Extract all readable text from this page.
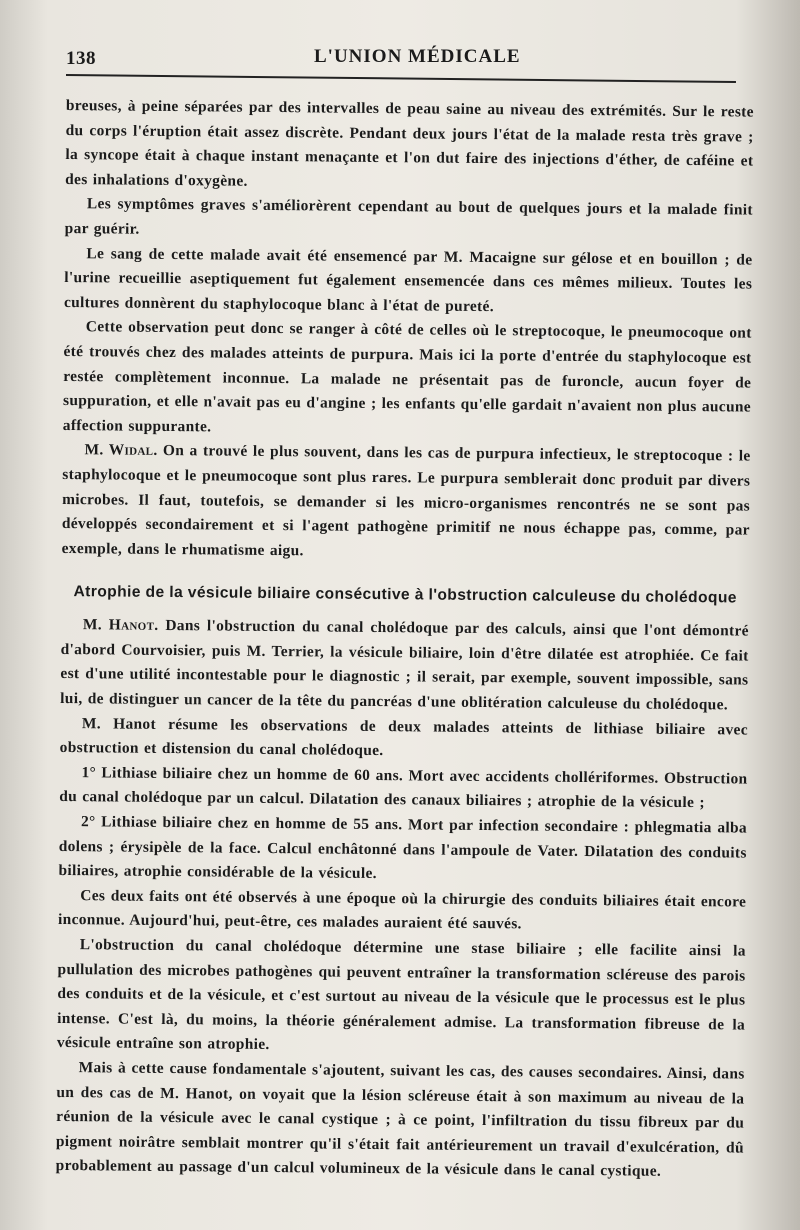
138	L'UNION MÉDICALE

breuses, à peine séparées par des intervalles de peau saine au niveau des extrémités. Sur le reste du corps l'éruption était assez discrète. Pendant deux jours l'état de la malade resta très grave ; la syncope était à chaque instant menaçante et l'on dut faire des injections d'éther, de caféine et des inhalations d'oxygène.

Les symptômes graves s'améliorèrent cependant au bout de quelques jours et la malade finit par guérir.

Le sang de cette malade avait été ensemencé par M. Macaigne sur gélose et en bouillon ; de l'urine recueillie aseptiquement fut également ensemencée dans ces mêmes milieux. Toutes les cultures donnèrent du staphylocoque blanc à l'état de pureté.

Cette observation peut donc se ranger à côté de celles où le streptocoque, le pneumocoque ont été trouvés chez des malades atteints de purpura. Mais ici la porte d'entrée du staphylocoque est restée complètement inconnue. La malade ne présentait pas de furoncle, aucun foyer de suppuration, et elle n'avait pas eu d'angine ; les enfants qu'elle gardait n'avaient non plus aucune affection suppurante.

M. Widal. On a trouvé le plus souvent, dans les cas de purpura infectieux, le streptocoque : le staphylocoque et le pneumocoque sont plus rares. Le purpura semblerait donc produit par divers microbes. Il faut, toutefois, se demander si les micro-organismes rencontrés ne se sont pas développés secondairement et si l'agent pathogène primitif ne nous échappe pas, comme, par exemple, dans le rhumatisme aigu.

Atrophie de la vésicule biliaire consécutive à l'obstruction calculeuse du cholédoque

M. Hanot. Dans l'obstruction du canal cholédoque par des calculs, ainsi que l'ont démontré d'abord Courvoisier, puis M. Terrier, la vésicule biliaire, loin d'être dilatée est atrophiée. Ce fait est d'une utilité incontestable pour le diagnostic ; il serait, par exemple, souvent impossible, sans lui, de distinguer un cancer de la tête du pancréas d'une oblitération calculeuse du cholédoque.

M. Hanot résume les observations de deux malades atteints de lithiase biliaire avec obstruction et distension du canal cholédoque.

1° Lithiase biliaire chez un homme de 60 ans. Mort avec accidents chollériformes. Obstruction du canal cholédoque par un calcul. Dilatation des canaux biliaires ; atrophie de la vésicule ;

2° Lithiase biliaire chez en homme de 55 ans. Mort par infection secondaire : phlegmatia alba dolens ; érysipèle de la face. Calcul enchâtonné dans l'ampoule de Vater. Dilatation des conduits biliaires, atrophie considérable de la vésicule.

Ces deux faits ont été observés à une époque où la chirurgie des conduits biliaires était encore inconnue. Aujourd'hui, peut-être, ces malades auraient été sauvés.

L'obstruction du canal cholédoque détermine une stase biliaire ; elle facilite ainsi la pullulation des microbes pathogènes qui peuvent entraîner la transformation scléreuse des parois des conduits et de la vésicule, et c'est surtout au niveau de la vésicule que le processus est le plus intense. C'est là, du moins, la théorie généralement admise. La transformation fibreuse de la vésicule entraîne son atrophie.

Mais à cette cause fondamentale s'ajoutent, suivant les cas, des causes secondaires. Ainsi, dans un des cas de M. Hanot, on voyait que la lésion scléreuse était à son maximum au niveau de la réunion de la vésicule avec le canal cystique ; à ce point, l'infiltration du tissu fibreux par du pigment noirâtre semblait montrer qu'il s'était fait antérieurement un travail d'exulcération, dû probablement au passage d'un calcul volumineux de la vésicule dans le canal cystique.
